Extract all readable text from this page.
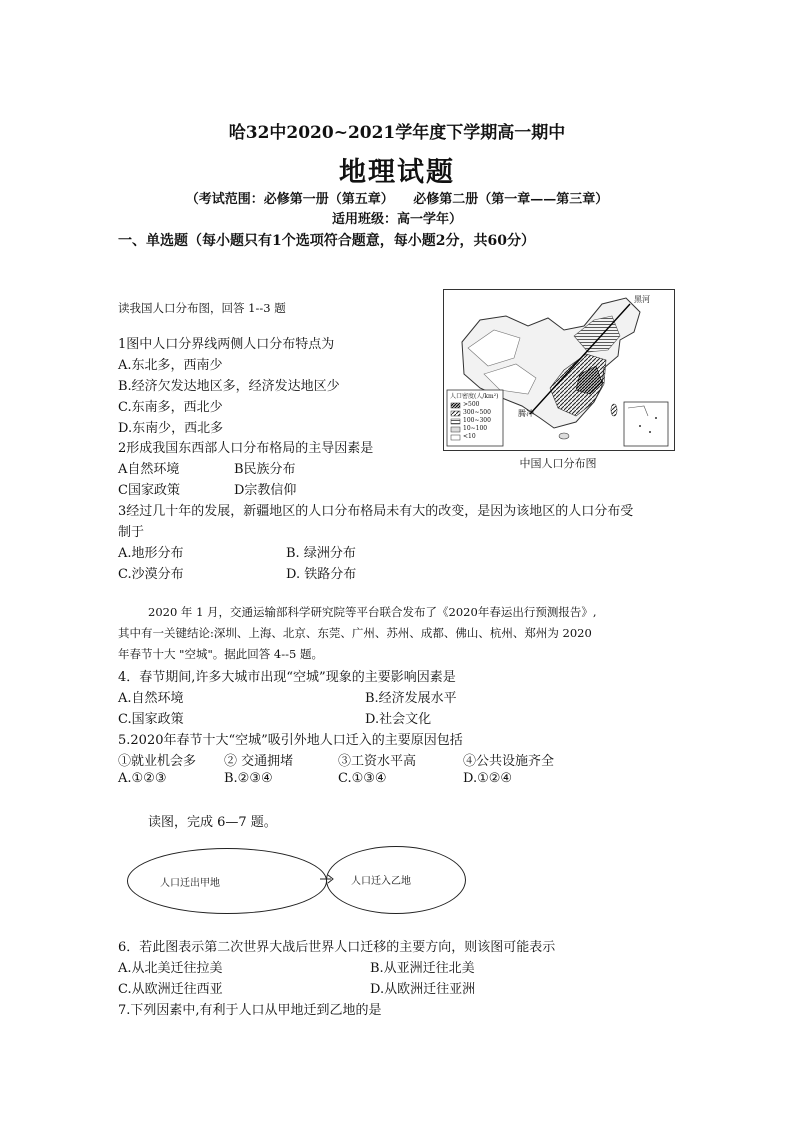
哈32中2020~2021学年度下学期高一期中
地理试题
（考试范围：必修第一册（第五章）　　必修第二册（第一章——第三章）
适用班级：高一学年）
一、单选题（每小题只有1个选项符合题意，每小题2分，共60分）
读我国人口分布图，回答 1--3 题
1图中人口分界线两侧人口分布特点为
A.东北多，西南少
B.经济欠发达地区多，经济发达地区少
C.东南多，西北少
D.东南少，西北多
2形成我国东西部人口分布格局的主导因素是
A自然环境	B民族分布
C国家政策	D宗教信仰
3经过几十年的发展，新疆地区的人口分布格局未有大的改变，是因为该地区的人口分布受
制于
A.地形分布	B. 绿洲分布
C.沙漠分布	D. 铁路分布
人口密度(人/km²)
>500
300~500
100~300
10~100
<10
腾冲
黑河
中国人口分布图
2020 年 1 月，交通运输部科学研究院等平台联合发布了《2020年春运出行预测报告》,
其中有一关键结论:深圳、上海、北京、东莞、广州、苏州、成都、佛山、杭州、郑州为 2020
年春节十大 "空城"。据此回答 4--5 题。
4．春节期间,许多大城市出现“空城”现象的主要影响因素是
A.自然环境	B.经济发展水平
C.国家政策	D.社会文化
5.2020年春节十大“空城”吸引外地人口迁入的主要原因包括
①就业机会多 ② 交通拥堵	③工资水平高	④公共设施齐全
A.①②③	B.②③④	C.①③④	D.①②④
读图，完成 6—7 题。
人口迁出甲地	人口迁入乙地
6．若此图表示第二次世界大战后世界人口迁移的主要方向，则该图可能表示
A.从北美迁往拉美	B.从亚洲迁往北美
C.从欧洲迁往西亚	D.从欧洲迁往亚洲
7.下列因素中,有利于人口从甲地迁到乙地的是
